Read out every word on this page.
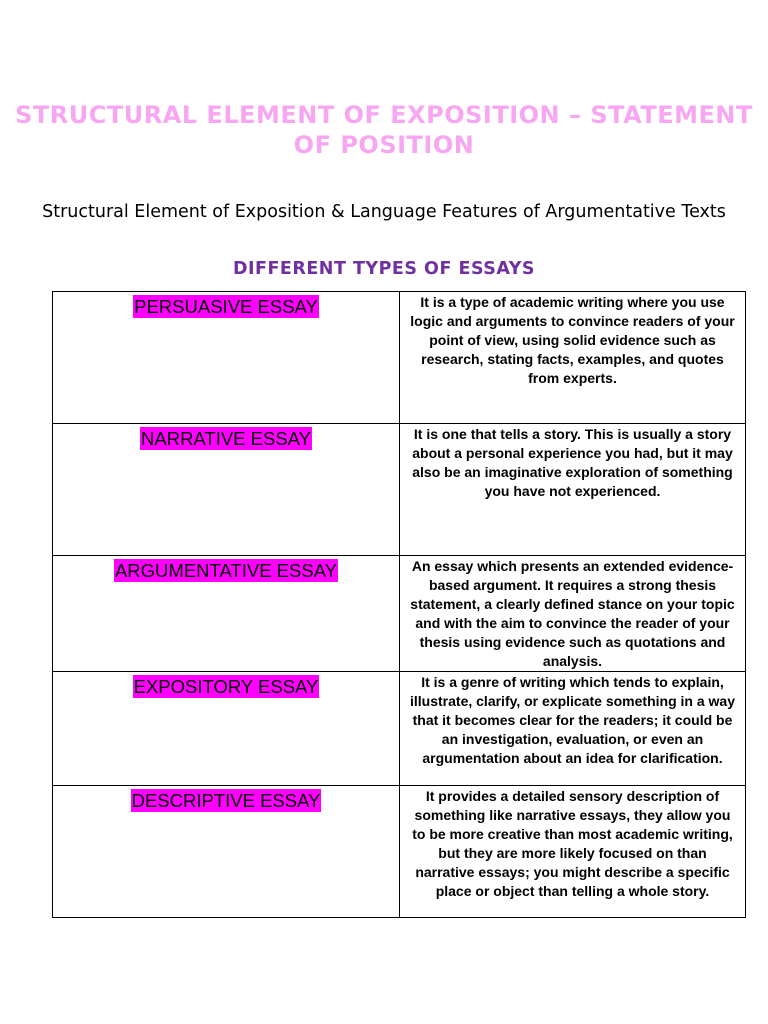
STRUCTURAL ELEMENT OF EXPOSITION – STATEMENT OF POSITION
Structural Element of Exposition & Language Features of Argumentative Texts
DIFFERENT TYPES OF ESSAYS
PERSUASIVE ESSAY	It is a type of academic writing where you use logic and arguments to convince readers of your point of view, using solid evidence such as research, stating facts, examples, and quotes from experts.

NARRATIVE ESSAY	It is one that tells a story. This is usually a story about a personal experience you had, but it may also be an imaginative exploration of something you have not experienced.

ARGUMENTATIVE ESSAY	An essay which presents an extended evidence-based argument. It requires a strong thesis statement, a clearly defined stance on your topic and with the aim to convince the reader of your thesis using evidence such as quotations and analysis.

EXPOSITORY ESSAY	It is a genre of writing which tends to explain, illustrate, clarify, or explicate something in a way that it becomes clear for the readers; it could be an investigation, evaluation, or even an argumentation about an idea for clarification.

DESCRIPTIVE ESSAY	It provides a detailed sensory description of something like narrative essays, they allow you to be more creative than most academic writing, but they are more likely focused on than narrative essays; you might describe a specific place or object than telling a whole story.
